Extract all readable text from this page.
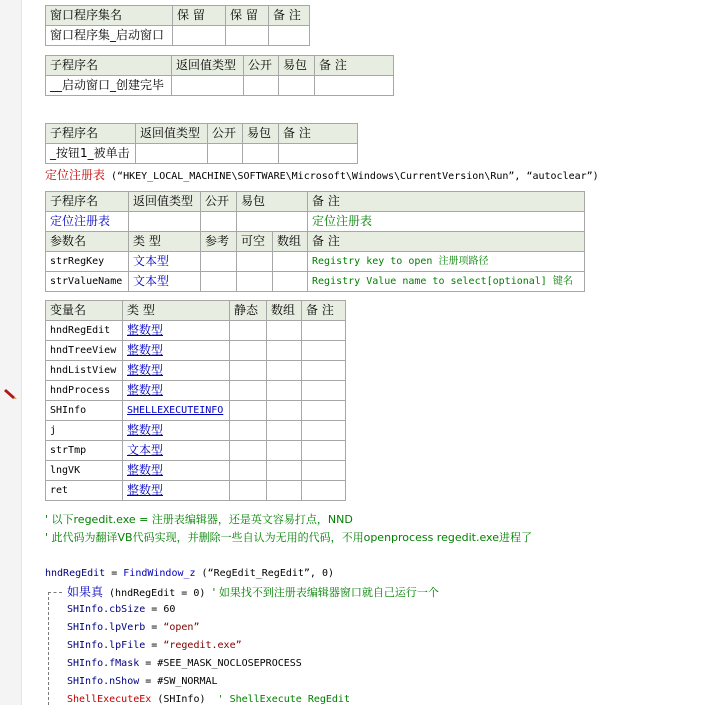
窗口程序集名	保 留	保 留	备 注
窗口程序集_启动窗口			
子程序名	返回值类型	公开	易包	备 注
__启动窗口_创建完毕				
子程序名	返回值类型	公开	易包	备 注
_按钮1_被单击				
定位注册表 (“HKEY_LOCAL_MACHINE\SOFTWARE\Microsoft\Windows\CurrentVersion\Run”, “autoclear”)
子程序名	返回值类型	公开	易包		备 注
定位注册表					定位注册表
参数名	类 型	参考	可空	数组	备 注
strRegKey	文本型				Registry key to open 注册项路径
strValueName	文本型				Registry Value name to select[optional] 键名
变量名	类 型	静态	数组	备 注
hndRegEdit	整数型			
hndTreeView	整数型			
hndListView	整数型			
hndProcess	整数型			
SHInfo	SHELLEXECUTEINFO			
j	整数型			
strTmp	文本型			
lngVK	整数型			
ret	整数型			
' 以下regedit.exe = 注册表编辑器，还是英文容易打点，NND
' 此代码为翻译VB代码实现，并删除一些自认为无用的代码，不用openprocess regedit.exe进程了
hndRegEdit = FindWindow_z (“RegEdit_RegEdit”, 0)
如果真 (hndRegEdit = 0)  ' 如果找不到注册表编辑器窗口就自己运行一个
SHInfo.cbSize = 60
SHInfo.lpVerb = “open”
SHInfo.lpFile = “regedit.exe”
SHInfo.fMask = #SEE_MASK_NOCLOSEPROCESS
SHInfo.nShow = #SW_NORMAL
ShellExecuteEx (SHInfo)  ' ShellExecute RegEdit
